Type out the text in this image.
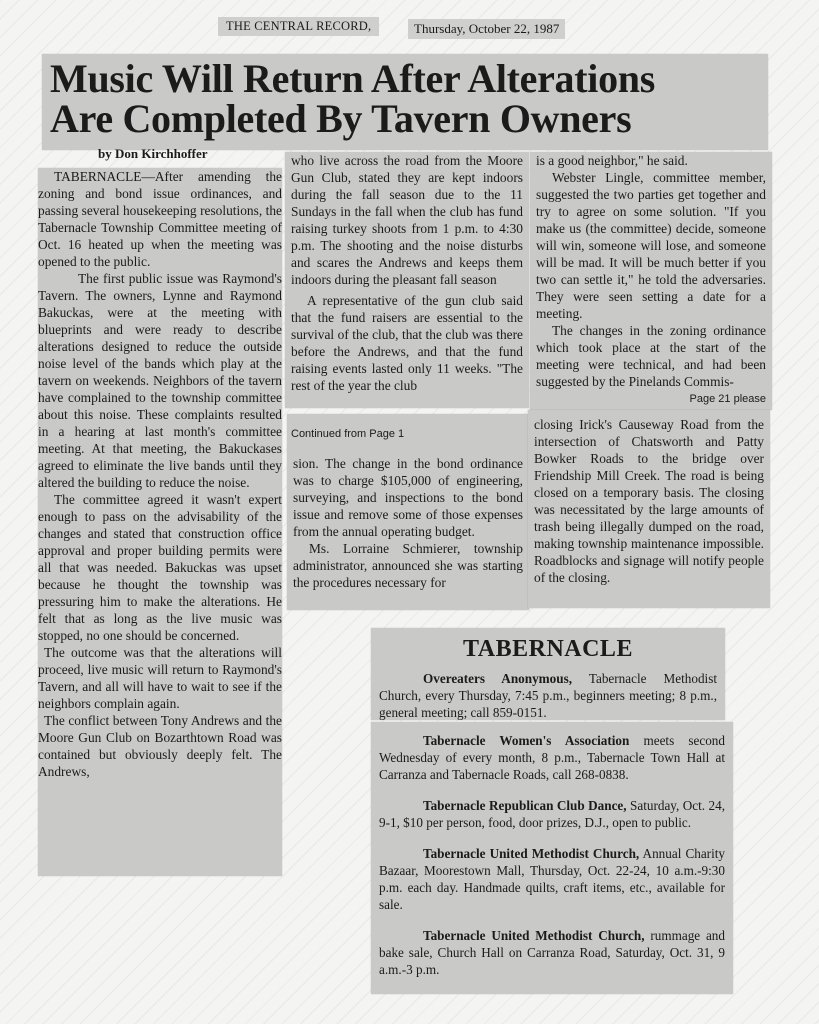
THE CENTRAL RECORD,	Thursday, October 22, 1987
Music Will Return After Alterations
Are Completed By Tavern Owners
by Don Kirchhoffer

TABERNACLE—After amending the zoning and bond issue ordinances, and passing several housekeeping resolutions, the Tabernacle Township Committee meeting of Oct. 16 heated up when the meeting was opened to the public.

The first public issue was Raymond's Tavern. The owners, Lynne and Raymond Bakuckas, were at the meeting with blueprints and were ready to describe alterations designed to reduce the outside noise level of the bands which play at the tavern on weekends. Neighbors of the tavern have complained to the township committee about this noise. These complaints resulted in a hearing at last month's committee meeting. At that meeting, the Bakuckases agreed to eliminate the live bands until they altered the building to reduce the noise.

The committee agreed it wasn't expert enough to pass on the advisability of the changes and stated that construction office approval and proper building permits were all that was needed. Bakuckas was upset because he thought the township was pressuring him to make the alterations. He felt that as long as the live music was stopped, no one should be concerned.

The outcome was that the alterations will proceed, live music will return to Raymond's Tavern, and all will have to wait to see if the neighbors complain again.

The conflict between Tony Andrews and the Moore Gun Club on Bozarthtown Road was contained but obviously deeply felt. The Andrews,

who live across the road from the Moore Gun Club, stated they are kept indoors during the fall season due to the 11 Sundays in the fall when the club has fund raising turkey shoots from 1 p.m. to 4:30 p.m. The shooting and the noise disturbs and scares the Andrews and keeps them indoors during the pleasant fall season

A representative of the gun club said that the fund raisers are essential to the survival of the club, that the club was there before the Andrews, and that the fund raising events lasted only 11 weeks. "The rest of the year the club

is a good neighbor," he said.

Webster Lingle, committee member, suggested the two parties get together and try to agree on some solution. "If you make us (the committee) decide, someone will win, someone will lose, and someone will be mad. It will be much better if you two can settle it," he told the adversaries. They were seen setting a date for a meeting.

The changes in the zoning ordinance which took place at the start of the meeting were technical, and had been suggested by the Pinelands Commis-

Page 21 please
Continued from Page 1

sion. The change in the bond ordinance was to charge $105,000 of engineering, surveying, and inspections to the bond issue and remove some of those expenses from the annual operating budget.

Ms. Lorraine Schmierer, township administrator, announced she was starting the procedures necessary for

closing Irick's Causeway Road from the intersection of Chatsworth and Patty Bowker Roads to the bridge over Friendship Mill Creek. The road is being closed on a temporary basis. The closing was necessitated by the large amounts of trash being illegally dumped on the road, making township maintenance impossible. Roadblocks and signage will notify people of the closing.

TABERNACLE
Overeaters Anonymous, Tabernacle Methodist Church, every Thursday, 7:45 p.m., beginners meeting; 8 p.m., general meeting; call 859-0151.
Tabernacle Women's Association meets second Wednesday of every month, 8 p.m., Tabernacle Town Hall at Carranza and Tabernacle Roads, call 268-0838.
Tabernacle Republican Club Dance, Saturday, Oct. 24, 9-1, $10 per person, food, door prizes, D.J., open to public.
Tabernacle United Methodist Church, Annual Charity Bazaar, Moorestown Mall, Thursday, Oct. 22-24, 10 a.m.-9:30 p.m. each day. Handmade quilts, craft items, etc., available for sale.
Tabernacle United Methodist Church, rummage and bake sale, Church Hall on Carranza Road, Saturday, Oct. 31, 9 a.m.-3 p.m.
